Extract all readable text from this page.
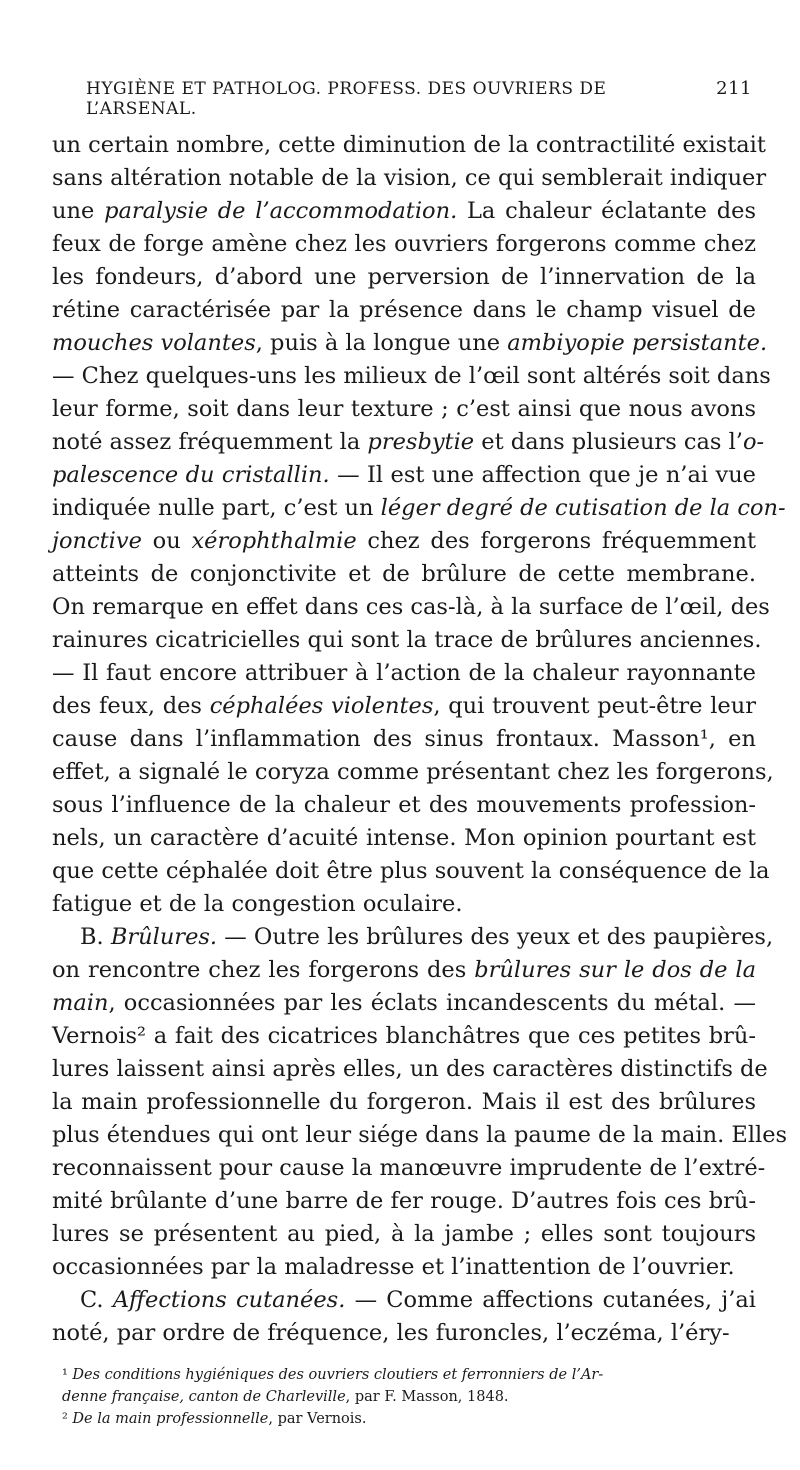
HYGIÈNE ET PATHOLOG. PROFESS. DES OUVRIERS DE L’ARSENAL.
211
un certain nombre, cette diminution de la contractilité existait
sans altération notable de la vision, ce qui semblerait indiquer
une paralysie de l’accommodation. La chaleur éclatante des
feux de forge amène chez les ouvriers forgerons comme chez
les fondeurs, d’abord une perversion de l’innervation de la
rétine caractérisée par la présence dans le champ visuel de
mouches volantes, puis à la longue une ambiyopie persistante.
— Chez quelques-uns les milieux de l’œil sont altérés soit dans
leur forme, soit dans leur texture ; c’est ainsi que nous avons
noté assez fréquemment la presbytie et dans plusieurs cas l’o-
palescence du cristallin. — Il est une affection que je n’ai vue
indiquée nulle part, c’est un léger degré de cutisation de la con-
jonctive ou xérophthalmie chez des forgerons fréquemment
atteints de conjonctivite et de brûlure de cette membrane.
On remarque en effet dans ces cas-là, à la surface de l’œil, des
rainures cicatricielles qui sont la trace de brûlures anciennes.
— Il faut encore attribuer à l’action de la chaleur rayonnante
des feux, des céphalées violentes, qui trouvent peut-être leur
cause dans l’inflammation des sinus frontaux. Masson¹, en
effet, a signalé le coryza comme présentant chez les forgerons,
sous l’influence de la chaleur et des mouvements profession-
nels, un caractère d’acuité intense. Mon opinion pourtant est
que cette céphalée doit être plus souvent la conséquence de la
fatigue et de la congestion oculaire.
B. Brûlures. — Outre les brûlures des yeux et des paupières,
on rencontre chez les forgerons des brûlures sur le dos de la
main, occasionnées par les éclats incandescents du métal. —
Vernois² a fait des cicatrices blanchâtres que ces petites brû-
lures laissent ainsi après elles, un des caractères distinctifs de
la main professionnelle du forgeron. Mais il est des brûlures
plus étendues qui ont leur siége dans la paume de la main. Elles
reconnaissent pour cause la manœuvre imprudente de l’extré-
mité brûlante d’une barre de fer rouge. D’autres fois ces brû-
lures se présentent au pied, à la jambe ; elles sont toujours
occasionnées par la maladresse et l’inattention de l’ouvrier.
C. Affections cutanées. — Comme affections cutanées, j’ai
noté, par ordre de fréquence, les furoncles, l’eczéma, l’éry-
¹ Des conditions hygiéniques des ouvriers cloutiers et ferronniers de l’Ar-
denne française, canton de Charleville, par F. Masson, 1848.
² De la main professionnelle, par Vernois.
